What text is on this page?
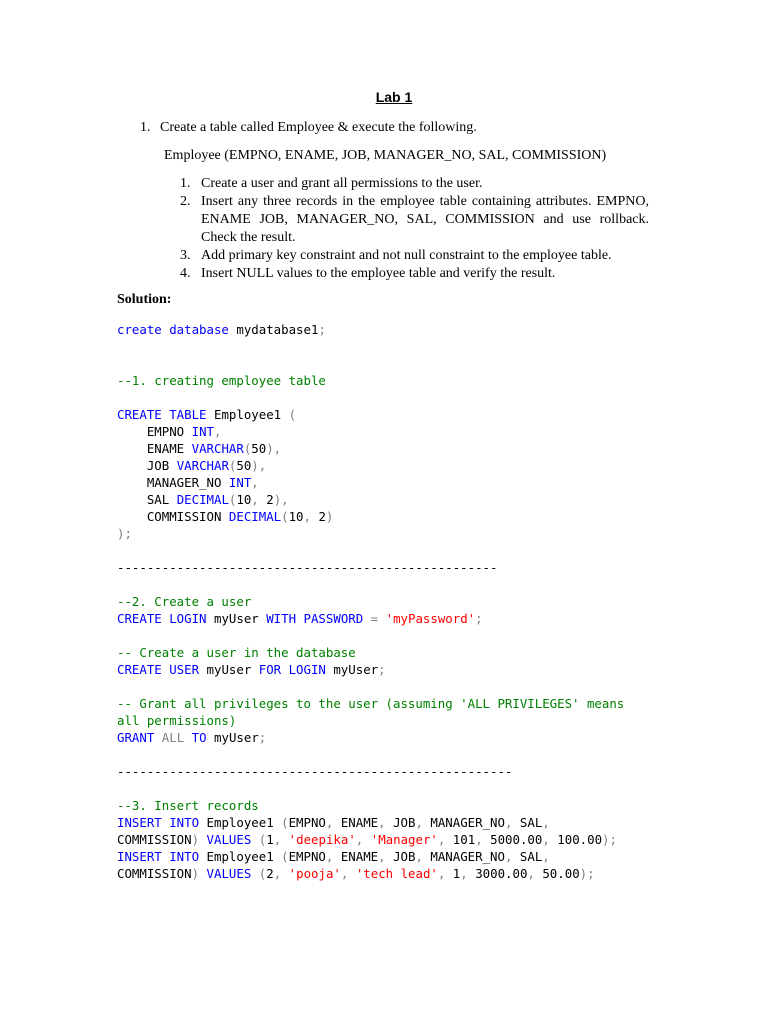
Lab 1
1. Create a table called Employee & execute the following.
Employee (EMPNO, ENAME, JOB, MANAGER_NO, SAL, COMMISSION)
1. Create a user and grant all permissions to the user.
2. Insert any three records in the employee table containing attributes. EMPNO, ENAME JOB, MANAGER_NO, SAL, COMMISSION and use rollback. Check the result.
3. Add primary key constraint and not null constraint to the employee table.
4. Insert NULL values to the employee table and verify the result.
Solution:
create database mydatabase1;
--1. creating employee table
CREATE TABLE Employee1 (
EMPNO INT,
ENAME VARCHAR(50),
JOB VARCHAR(50),
MANAGER_NO INT,
SAL DECIMAL(10, 2),
COMMISSION DECIMAL(10, 2)
);
---------------------------------------------------
--2. Create a user
CREATE LOGIN myUser WITH PASSWORD = 'myPassword';
-- Create a user in the database
CREATE USER myUser FOR LOGIN myUser;
-- Grant all privileges to the user (assuming 'ALL PRIVILEGES' means
all permissions)
GRANT ALL TO myUser;
-----------------------------------------------------
--3. Insert records
INSERT INTO Employee1 (EMPNO, ENAME, JOB, MANAGER_NO, SAL,
COMMISSION) VALUES (1, 'deepika', 'Manager', 101, 5000.00, 100.00);
INSERT INTO Employee1 (EMPNO, ENAME, JOB, MANAGER_NO, SAL,
COMMISSION) VALUES (2, 'pooja', 'tech lead', 1, 3000.00, 50.00);
